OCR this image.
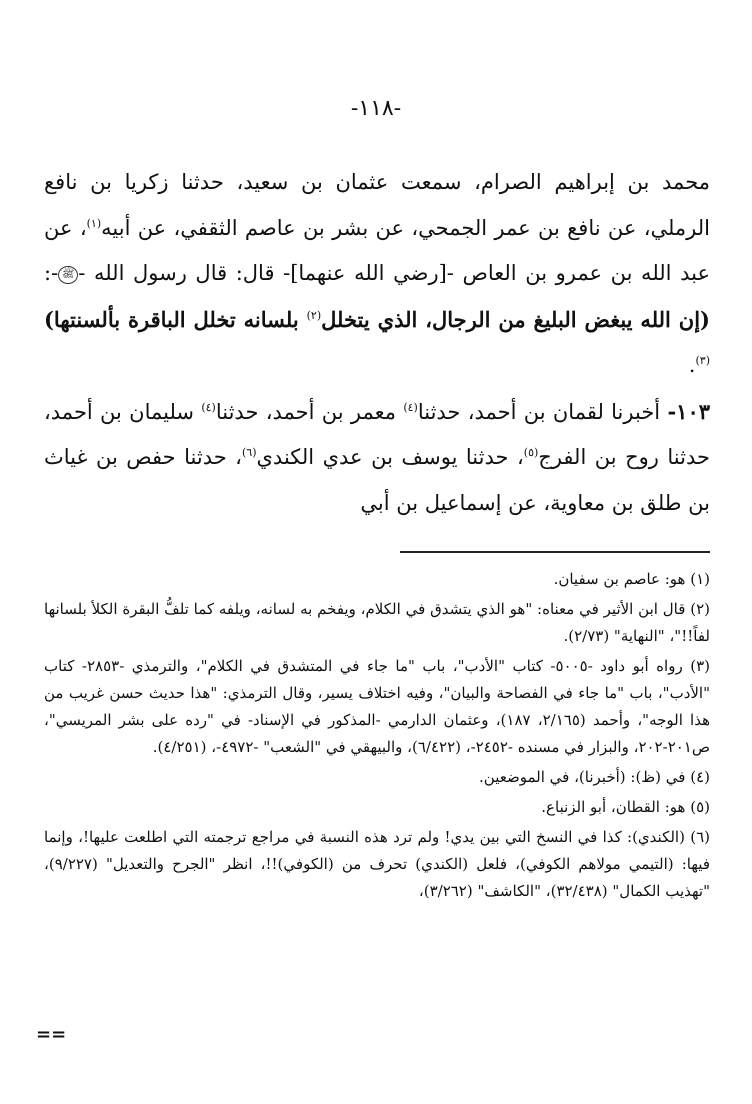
-١١٨-

محمد بن إبراهيم الصرام، سمعت عثمان بن سعيد، حدثنا زكريا بن نافع الرملي، عن نافع بن عمر الجمحي، عن بشر بن عاصم الثقفي، عن أبيه$^{(١)}$، عن عبد الله بن عمرو بن العاص -[رضي الله عنهما]- قال: قال رسول الله -ﷺ-: (إن الله يبغض البليغ من الرجال، الذي يتخلل$^{(٢)}$ بلسانه تخلل الباقرة بألسنتها)$^{(٣)}$.

١٠٣- أخبرنا لقمان بن أحمد، حدثنا$^{(٤)}$ معمر بن أحمد، حدثنا$^{(٤)}$ سليمان بن أحمد، حدثنا روح بن الفرج$^{(٥)}$، حدثنا يوسف بن عدي الكندي$^{(٦)}$، حدثنا حفص بن غياث بن طلق بن معاوية، عن إسماعيل بن أبي

(١) هو: عاصم بن سفيان.

(٢) قال ابن الأثير في معناه: "هو الذي يتشدق في الكلام، ويفخم به لسانه، ويلفه كما تلفُّ البقرة الكلأ بلسانها لفاً!!"، "النهاية" (٢/٧٣).

(٣) رواه أبو داود -٥٠٠٥- كتاب "الأدب"، باب "ما جاء في المتشدق في الكلام"، والترمذي -٢٨٥٣- كتاب "الأدب"، باب "ما جاء في الفصاحة والبيان"، وفيه اختلاف يسير، وقال الترمذي: "هذا حديث حسن غريب من هذا الوجه"، وأحمد (٢/١٦٥، ١٨٧)، وعثمان الدارمي -المذكور في الإسناد- في "رده على بشر المريسي"، ص٢٠١-٢٠٢، والبزار في مسنده -٢٤٥٢-، (٦/٤٢٢)، والبيهقي في "الشعب" -٤٩٧٢-، (٤/٢٥١).

(٤) في (ظ): (أخبرنا)، في الموضعين.

(٥) هو: القطان، أبو الزنباع.

(٦) (الكندي): كذا في النسخ التي بين يدي! ولم ترد هذه النسبة في مراجع ترجمته التي اطلعت عليها!، وإنما فيها: (التيمي مولاهم الكوفي)، فلعل (الكندي) تحرف من (الكوفي)!!، انظر "الجرح والتعديل" (٩/٢٢٧)، "تهذيب الكمال" (٣٢/٤٣٨)، "الكاشف" (٣/٢٦٢)،

==
